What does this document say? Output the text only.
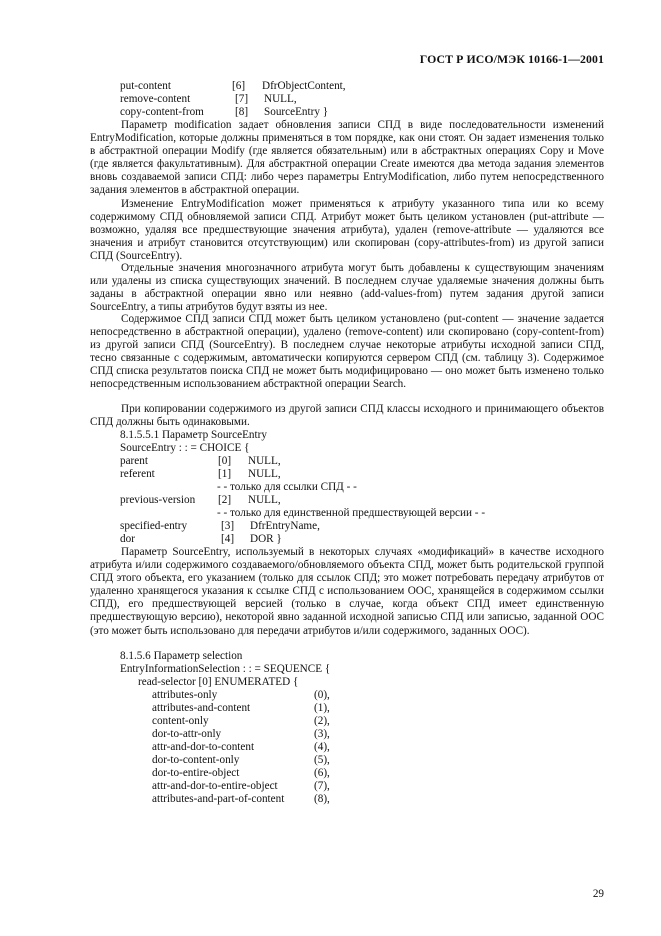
ГОСТ Р ИСО/МЭК 10166-1—2001
put-content	[6] DfrObjectContent,
remove-content	[7] NULL,
copy-content-from	[8] SourceEntry }
Параметр modification задает обновления записи СПД в виде последовательности изменений EntryModification, которые должны применяться в том порядке, как они стоят. Он задает изменения только в абстрактной операции Modify (где является обязательным) или в абстрактных операциях Copy и Move (где является факультативным). Для абстрактной операции Create имеются два метода задания элементов вновь создаваемой записи СПД: либо через параметры EntryModification, либо путем непосредственного задания элементов в абстрактной операции.
Изменение EntryModification может применяться к атрибуту указанного типа или ко всему содержимому СПД обновляемой записи СПД. Атрибут может быть целиком установлен (put-attribute — возможно, удаляя все предшествующие значения атрибута), удален (remove-attribute — удаляются все значения и атрибут становится отсутствующим) или скопирован (copy-attributes-from) из другой записи СПД (SourceEntry).
Отдельные значения многозначного атрибута могут быть добавлены к существующим значениям или удалены из списка существующих значений. В последнем случае удаляемые значения должны быть заданы в абстрактной операции явно или неявно (add-values-from) путем задания другой записи SourceEntry, а типы атрибутов будут взяты из нее.
Содержимое СПД записи СПД может быть целиком установлено (put-content — значение задается непосредственно в абстрактной операции), удалено (remove-content) или скопировано (copy-content-from) из другой записи СПД (SourceEntry). В последнем случае некоторые атрибуты исходной записи СПД, тесно связанные с содержимым, автоматически копируются сервером СПД (см. таблицу 3). Содержимое СПД списка результатов поиска СПД не может быть модифицировано — оно может быть изменено только непосредственным использованием абстрактной операции Search.
При копировании содержимого из другой записи СПД классы исходного и принимающего объектов СПД должны быть одинаковыми.
8.1.5.5.1 Параметр SourceEntry
SourceEntry : : = CHOICE {
parent	[0] NULL,
referent	[1] NULL,
- - только для ссылки СПД - -
previous-version [2] NULL,
- - только для единственной предшествующей версии - -
specified-entry	[3] DfrEntryName,
dor	[4] DOR }
Параметр SourceEntry, используемый в некоторых случаях «модификаций» в качестве исходного атрибута и/или содержимого создаваемого/обновляемого объекта СПД, может быть родительской группой СПД этого объекта, его указанием (только для ссылок СПД; это может потребовать передачу атрибутов от удаленно хранящегося указания к ссылке СПД с использованием ООС, хранящейся в содержимом ссылки СПД), его предшествующей версией (только в случае, когда объект СПД имеет единственную предшествующую версию), некоторой явно заданной исходной записью СПД или записью, заданной ООС (это может быть использовано для передачи атрибутов и/или содержимого, заданных ООС).
8.1.5.6 Параметр selection
EntryInformationSelection : : = SEQUENCE {
read-selector [0] ENUMERATED {
attributes-only	(0),
attributes-and-content	(1),
content-only	(2),
dor-to-attr-only	(3),
attr-and-dor-to-content	(4),
dor-to-content-only	(5),
dor-to-entire-object	(6),
attr-and-dor-to-entire-object	(7),
attributes-and-part-of-content	(8),
29
